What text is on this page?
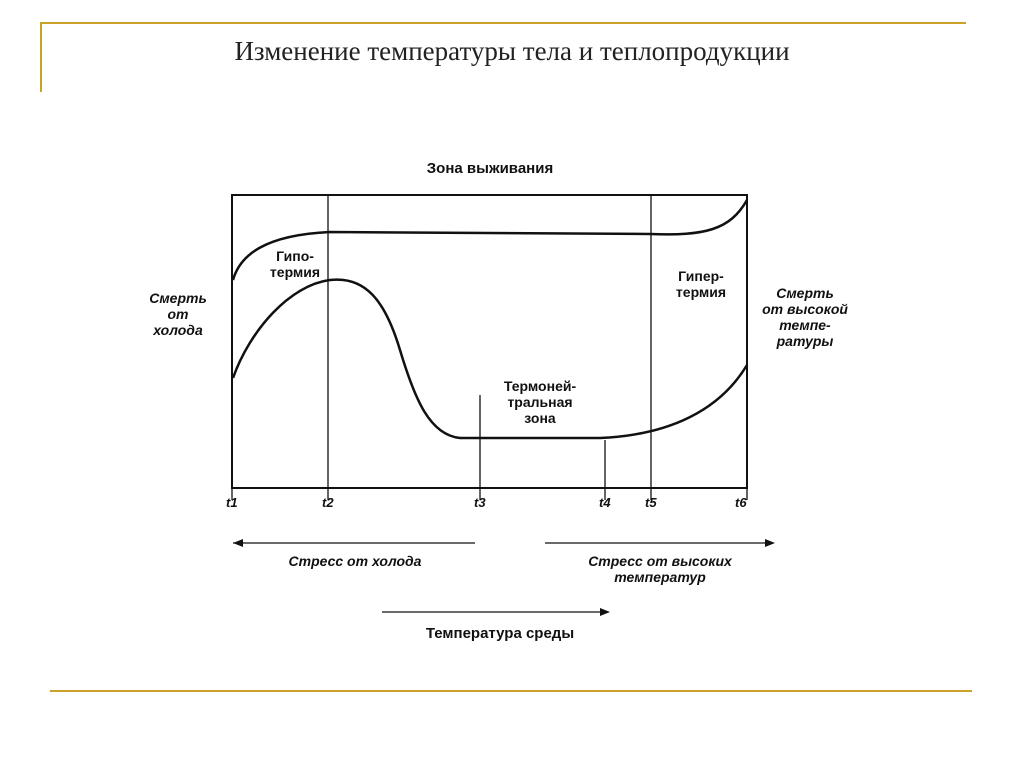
Изменение температуры тела и теплопродукции
Зона выживания
Гипо-
термия	Гипер-
термия
Смерть
от
холода
Смерть
от высокой
темпе-
ратуры
Термоней-
тральная
зона
t1	t2	t3	t4	t5	t6
Стресс от холода	Стресс от высоких
температур
Температура среды
